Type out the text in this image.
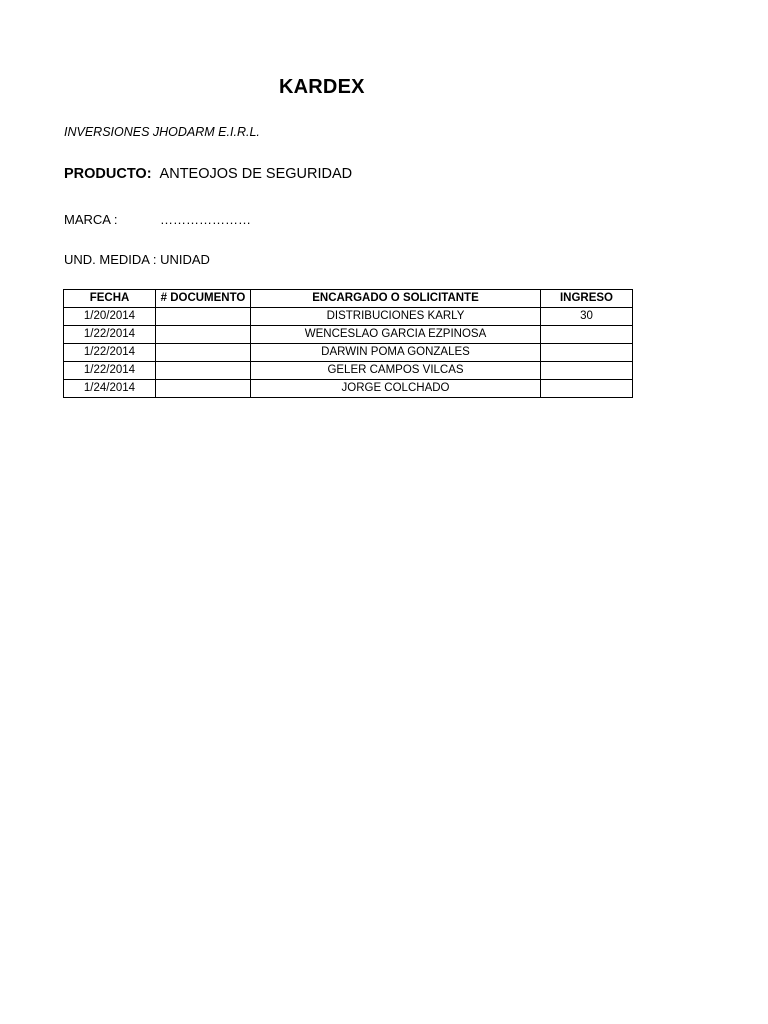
KARDEX
INVERSIONES JHODARM E.I.R.L.
PRODUCTO: ANTEOJOS DE SEGURIDAD
MARCA :	…………………
UND. MEDIDA : UNIDAD
FECHA	# DOCUMENTO	ENCARGADO O SOLICITANTE	INGRESO
1/20/2014		DISTRIBUCIONES KARLY	30
1/22/2014		WENCESLAO GARCIA EZPINOSA	
1/22/2014		DARWIN POMA GONZALES	
1/22/2014		GELER CAMPOS VILCAS	
1/24/2014		JORGE COLCHADO	
